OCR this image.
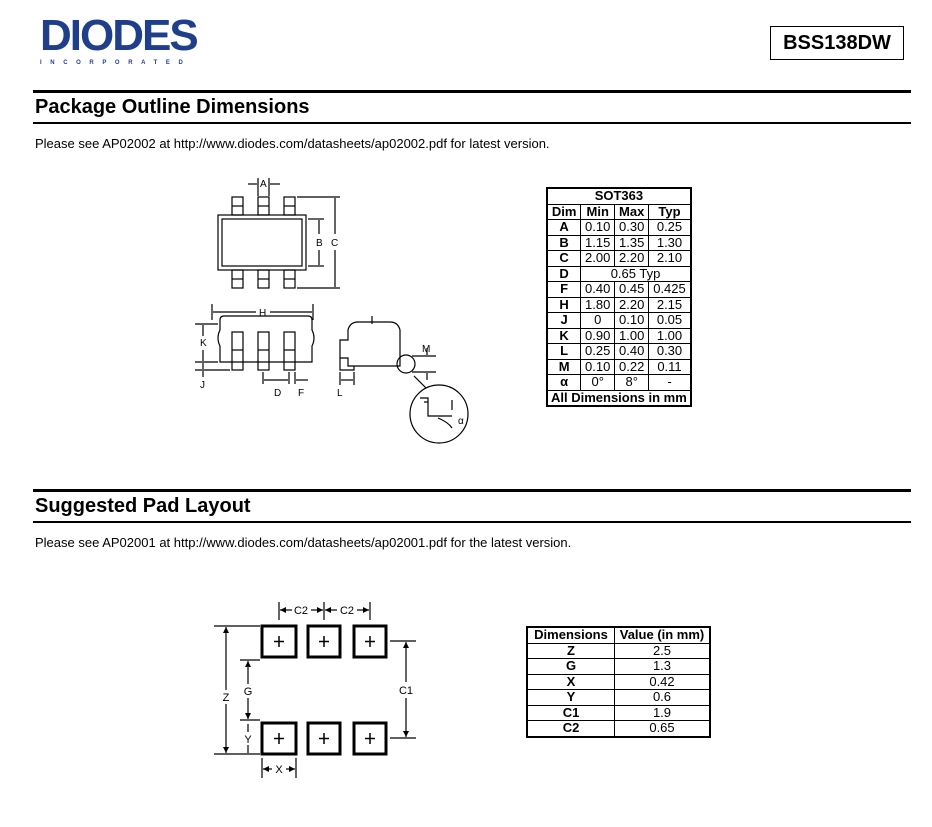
DIODES
INCORPORATED
BSS138DW
Package Outline Dimensions
Please see AP02002 at http://www.diodes.com/datasheets/ap02002.pdf for latest version.
A
B C
H
K
J
D F	L
M
α
SOT363			
Dim	Min	Max	Typ
A	0.10	0.30	0.25
B	1.15	1.35	1.30
C	2.00	2.20	2.10
D	0.65 Typ		
F	0.40	0.45	0.425
H	1.80	2.20	2.15
J	0	0.10	0.05
K	0.90	1.00	1.00
L	0.25	0.40	0.30
M	0.10	0.22	0.11
α	0°	8°	-
All Dimensions in mm			
Suggested Pad Layout
Please see AP02001 at http://www.diodes.com/datasheets/ap02001.pdf for the latest version.
C2	C2
C1
Z G
Y
X
Dimensions	Value (in mm)
Z	2.5
G	1.3
X	0.42
Y	0.6
C1	1.9
C2	0.65
